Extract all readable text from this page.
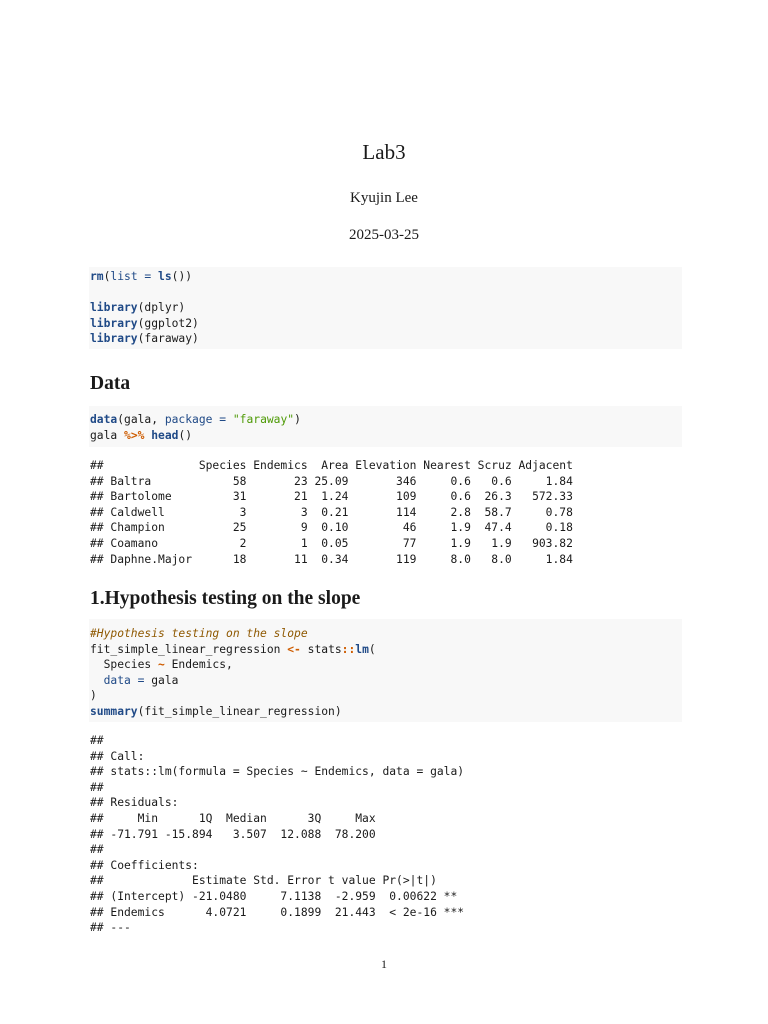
Lab3
Kyujin Lee
2025-03-25
rm(list = ls())
library(dplyr)
library(ggplot2)
library(faraway)
Data
data(gala, package = "faraway")
gala %>% head()
##              Species Endemics  Area Elevation Nearest Scruz Adjacent
## Baltra            58       23 25.09       346     0.6   0.6     1.84
## Bartolome         31       21  1.24       109     0.6  26.3   572.33
## Caldwell           3        3  0.21       114     2.8  58.7     0.78
## Champion          25        9  0.10        46     1.9  47.4     0.18
## Coamano            2        1  0.05        77     1.9   1.9   903.82
## Daphne.Major      18       11  0.34       119     8.0   8.0     1.84
1.Hypothesis testing on the slope
#Hypothesis testing on the slope
fit_simple_linear_regression <- stats::lm(
Species ~ Endemics,
data = gala
)
summary(fit_simple_linear_regression)
##
## Call:
## stats::lm(formula = Species ~ Endemics, data = gala)
##
## Residuals:
##     Min      1Q  Median      3Q     Max
## -71.791 -15.894   3.507  12.088  78.200
##
## Coefficients:
##             Estimate Std. Error t value Pr(>|t|)
## (Intercept) -21.0480     7.1138  -2.959  0.00622 **
## Endemics      4.0721     0.1899  21.443  < 2e-16 ***
## ---
1
